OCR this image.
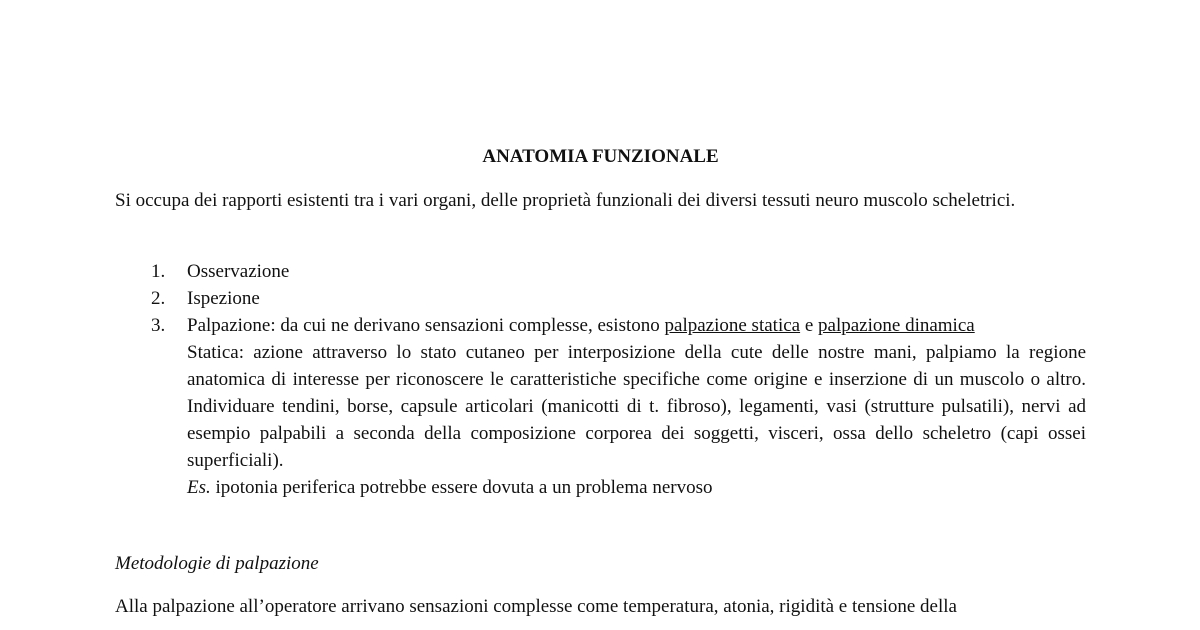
ANATOMIA FUNZIONALE
Si occupa dei rapporti esistenti tra i vari organi, delle proprietà funzionali dei diversi tessuti neuro muscolo scheletrici.
1. Osservazione
2. Ispezione
3. Palpazione: da cui ne derivano sensazioni complesse, esistono palpazione statica e palpazione dinamica
Statica: azione attraverso lo stato cutaneo per interposizione della cute delle nostre mani, palpiamo la regione anatomica di interesse per riconoscere le caratteristiche specifiche come origine e inserzione di un muscolo o altro. Individuare tendini, borse, capsule articolari (manicotti di t. fibroso), legamenti, vasi (strutture pulsatili), nervi ad esempio palpabili a seconda della composizione corporea dei soggetti, visceri, ossa dello scheletro (capi ossei superficiali).
Es. ipotonia periferica potrebbe essere dovuta a un problema nervoso
Metodologie di palpazione
Alla palpazione all’operatore arrivano sensazioni complesse come temperatura, atonia, rigidità e tensione della
